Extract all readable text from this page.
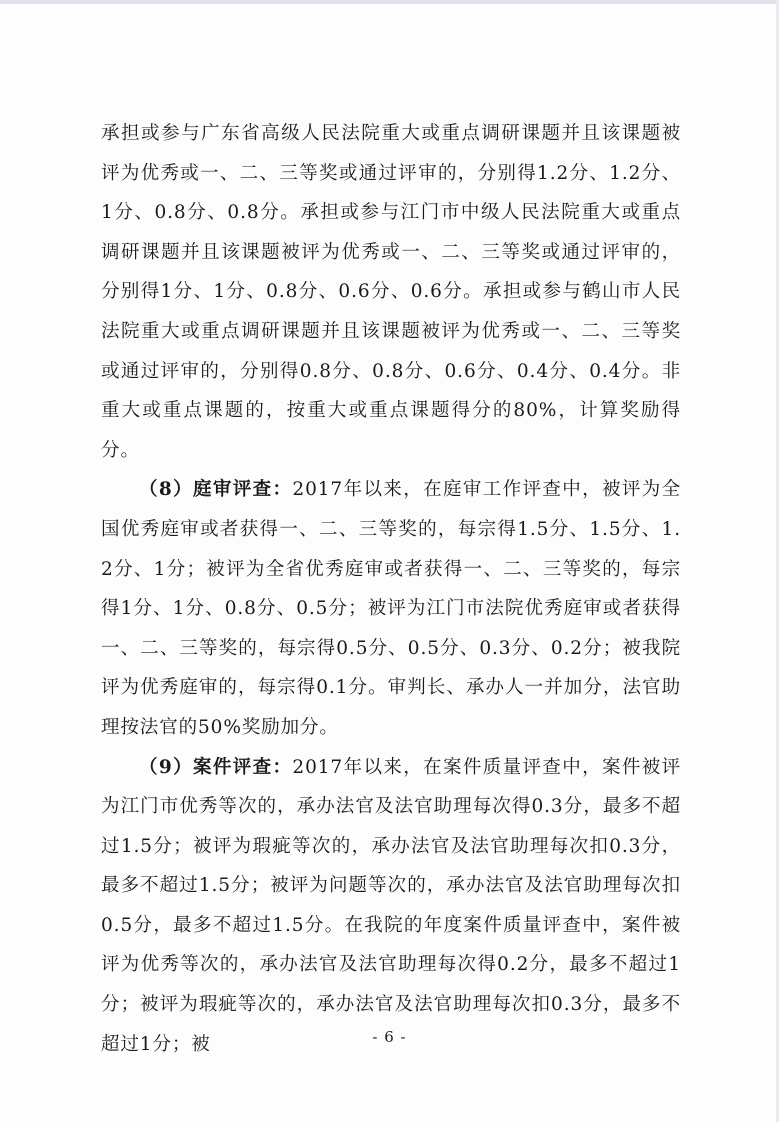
承担或参与广东省高级人民法院重大或重点调研课题并且该课题被评为优秀或一、二、三等奖或通过评审的，分别得1.2分、1.2分、1分、0.8分、0.8分。承担或参与江门市中级人民法院重大或重点调研课题并且该课题被评为优秀或一、二、三等奖或通过评审的，分别得1分、1分、0.8分、0.6分、0.6分。承担或参与鹤山市人民法院重大或重点调研课题并且该课题被评为优秀或一、二、三等奖或通过评审的，分别得0.8分、0.8分、0.6分、0.4分、0.4分。非重大或重点课题的，按重大或重点课题得分的80%，计算奖励得分。

（8）庭审评查：2017年以来，在庭审工作评查中，被评为全国优秀庭审或者获得一、二、三等奖的，每宗得1.5分、1.5分、1.2分、1分；被评为全省优秀庭审或者获得一、二、三等奖的，每宗得1分、1分、0.8分、0.5分；被评为江门市法院优秀庭审或者获得一、二、三等奖的，每宗得0.5分、0.5分、0.3分、0.2分；被我院评为优秀庭审的，每宗得0.1分。审判长、承办人一并加分，法官助理按法官的50%奖励加分。

（9）案件评查：2017年以来，在案件质量评查中，案件被评为江门市优秀等次的，承办法官及法官助理每次得0.3分，最多不超过1.5分；被评为瑕疵等次的，承办法官及法官助理每次扣0.3分，最多不超过1.5分；被评为问题等次的，承办法官及法官助理每次扣0.5分，最多不超过1.5分。在我院的年度案件质量评查中，案件被评为优秀等次的，承办法官及法官助理每次得0.2分，最多不超过1分；被评为瑕疵等次的，承办法官及法官助理每次扣0.3分，最多不超过1分；被	- 6 -
